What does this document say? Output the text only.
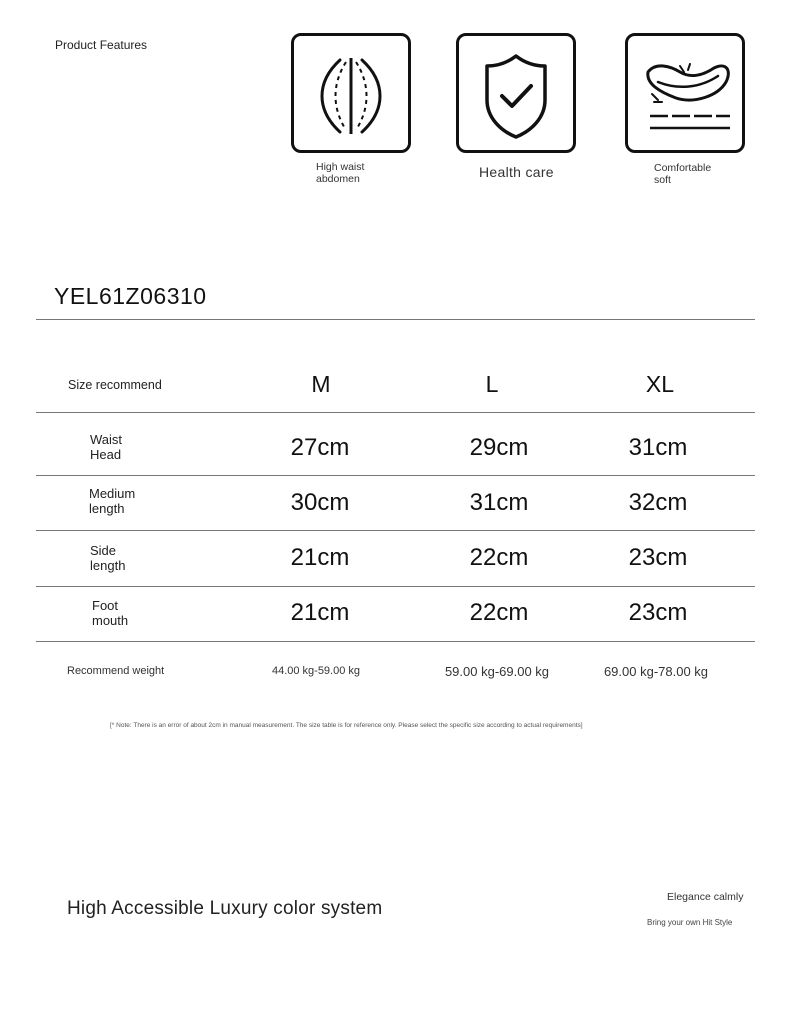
Product Features
High waist
abdomen	Health care	Comfortable
soft
YEL61Z06310
Size recommend	M	L	XL
Waist
Head	27cm	29cm	31cm
Medium
length	30cm	31cm	32cm
Side
length	21cm	22cm	23cm
Foot
mouth	21cm	22cm	23cm
Recommend weight	44.00 kg-59.00 kg	59.00 kg-69.00 kg	69.00 kg-78.00 kg
[* Note: There is an error of about 2cm in manual measurement. The size table is for reference only. Please select the specific size according to actual requirements]
High Accessible Luxury color system
Elegance calmly
Bring your own Hit Style
